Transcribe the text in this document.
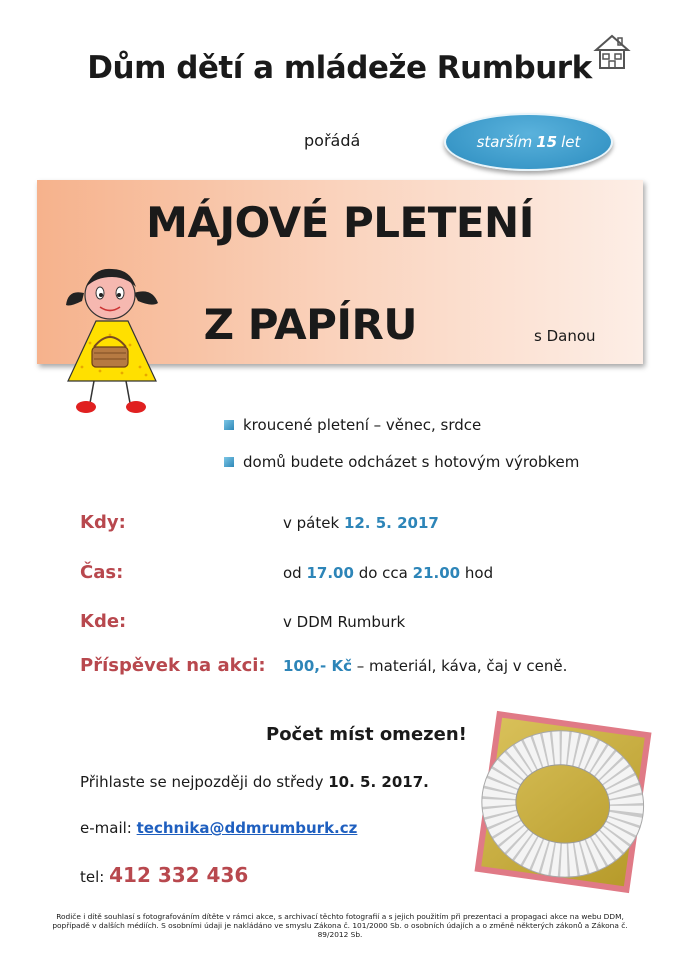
Dům dětí a mládeže Rumburk
pořádá	starším 15 let
MÁJOVÉ PLETENÍ
Z PAPÍRU	s Danou
kroucené pletení – věnec, srdce
domů budete odcházet s hotovým výrobkem
Kdy:	v pátek 12. 5. 2017
Čas:	od 17.00 do cca 21.00 hod
Kde:	v DDM Rumburk
Příspěvek na akci: 100,- Kč – materiál, káva, čaj v ceně.
Počet míst omezen!
Přihlaste se nejpozději do středy 10. 5. 2017.
e-mail: technika@ddmrumburk.cz
tel: 412 332 436
Rodiče i dítě souhlasí s fotografováním dítěte v rámci akce, s archivací těchto fotografií a s jejich použitím při prezentaci a propagaci akce na webu DDM, popřípadě v dalších médiích. S osobními údaji je nakládáno ve smyslu Zákona č. 101/2000 Sb. o osobních údajích a o změně některých zákonů a Zákona č. 89/2012 Sb.
